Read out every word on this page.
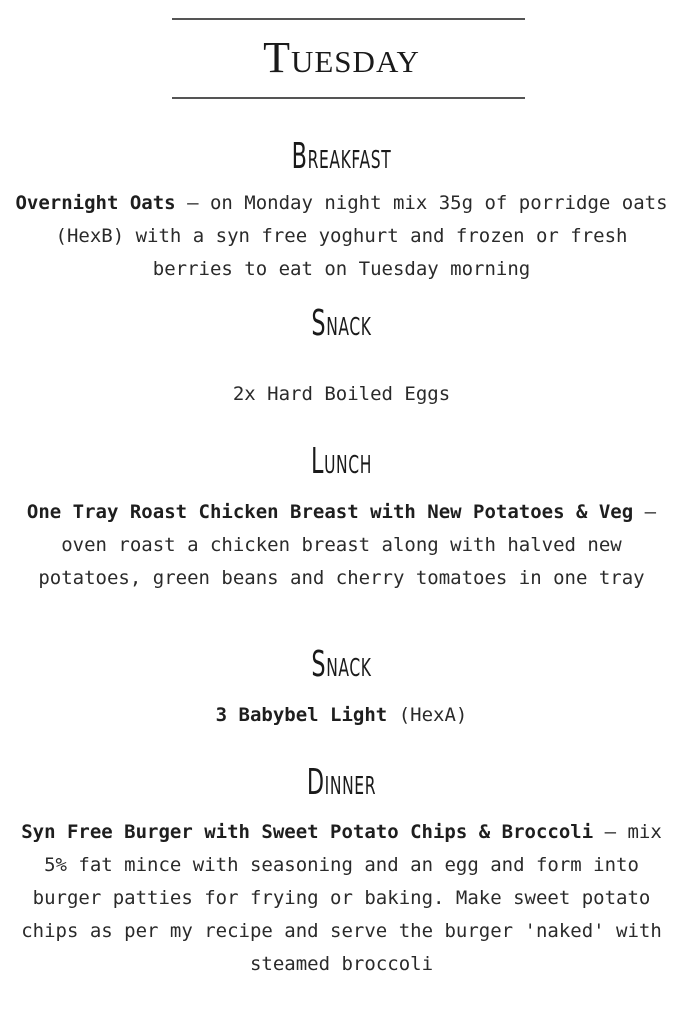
Tuesday
Breakfast
Overnight Oats – on Monday night mix 35g of porridge oats (HexB) with a syn free yoghurt and frozen or fresh berries to eat on Tuesday morning
Snack
2x Hard Boiled Eggs
Lunch
One Tray Roast Chicken Breast with New Potatoes & Veg – oven roast a chicken breast along with halved new potatoes, green beans and cherry tomatoes in one tray
Snack
3 Babybel Light (HexA)
Dinner
Syn Free Burger with Sweet Potato Chips & Broccoli – mix 5% fat mince with seasoning and an egg and form into burger patties for frying or baking. Make sweet potato chips as per my recipe and serve the burger 'naked' with steamed broccoli
